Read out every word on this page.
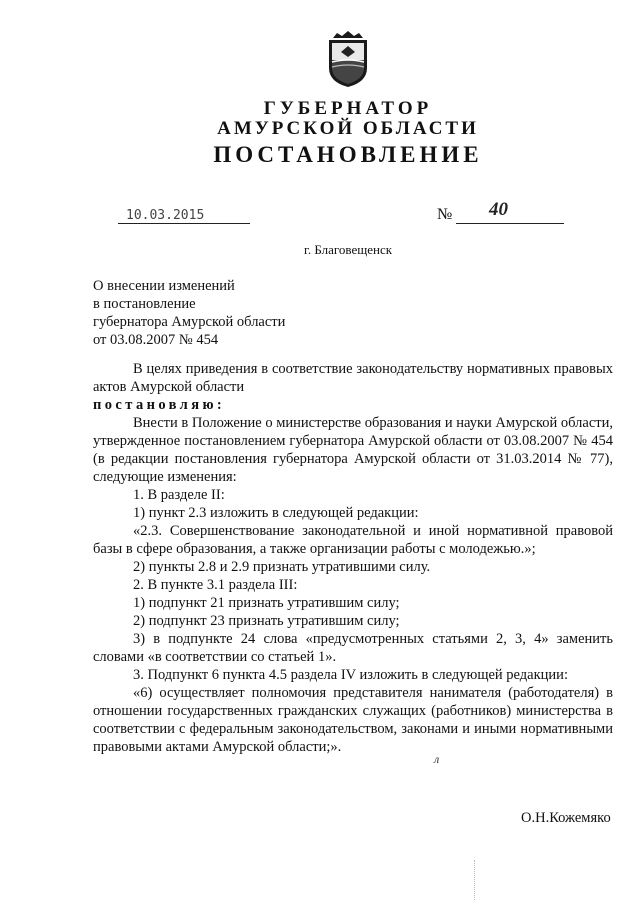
ГУБЕРНАТОР
АМУРСКОЙ ОБЛАСТИ
ПОСТАНОВЛЕНИЕ
10.03.2015	№ 40
г. Благовещенск
О внесении изменений
в постановление
губернатора Амурской области
от 03.08.2007 № 454
В целях приведения в соответствие законодательству нормативных правовых актов Амурской области
постановляю:
Внести в Положение о министерстве образования и науки Амурской области, утвержденное постановлением губернатора Амурской области от 03.08.2007 № 454 (в редакции постановления губернатора Амурской области от 31.03.2014 № 77), следующие изменения:
1. В разделе II:
1) пункт 2.3 изложить в следующей редакции:
«2.3. Совершенствование законодательной и иной нормативной правовой базы в сфере образования, а также организации работы с молодежью.»;
2) пункты 2.8 и 2.9 признать утратившими силу.
2. В пункте 3.1 раздела III:
1) подпункт 21 признать утратившим силу;
2) подпункт 23 признать утратившим силу;
3) в подпункте 24 слова «предусмотренных статьями 2, 3, 4» заменить словами «в соответствии со статьей 1».
3. Подпункт 6 пункта 4.5 раздела IV изложить в следующей редакции:
«6) осуществляет полномочия представителя нанимателя (работодателя) в отношении государственных гражданских служащих (работников) министерства в соответствии с федеральным законодательством, законами и иными нормативными правовыми актами Амурской области;».
л
О.Н.Кожемяко
